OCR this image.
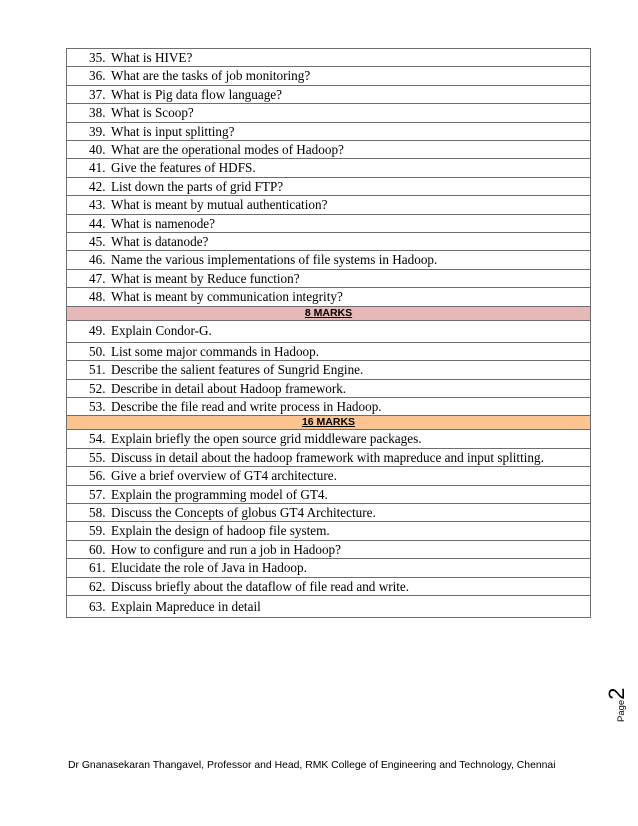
35. What is HIVE?
36. What are the tasks of job monitoring?
37. What is Pig data flow language?
38. What is Scoop?
39. What is input splitting?
40. What are the operational modes of Hadoop?
41. Give the features of HDFS.
42. List down the parts of grid FTP?
43. What is meant by mutual authentication?
44. What is namenode?
45. What is datanode?
46. Name the various implementations of file systems in Hadoop.
47. What is meant by Reduce function?
48. What is meant by communication integrity?
8 MARKS
49. Explain Condor-G.
50. List some major commands in Hadoop.
51. Describe the salient features of Sungrid Engine.
52. Describe in detail about Hadoop framework.
53. Describe the file read and write process in Hadoop.
16 MARKS
54. Explain briefly the open source grid middleware packages.
55. Discuss in detail about the hadoop framework with mapreduce and input splitting.
56. Give a brief overview of GT4 architecture.
57. Explain the programming model of GT4.
58. Discuss the Concepts of globus GT4 Architecture.
59. Explain the design of hadoop file system.
60. How to configure and run a job in Hadoop?
61. Elucidate the role of Java in Hadoop.
62. Discuss briefly about the dataflow of file read and write.
63. Explain Mapreduce in detail
Dr Gnanasekaran Thangavel, Professor and Head, RMK College of Engineering and Technology, Chennai
Page2
